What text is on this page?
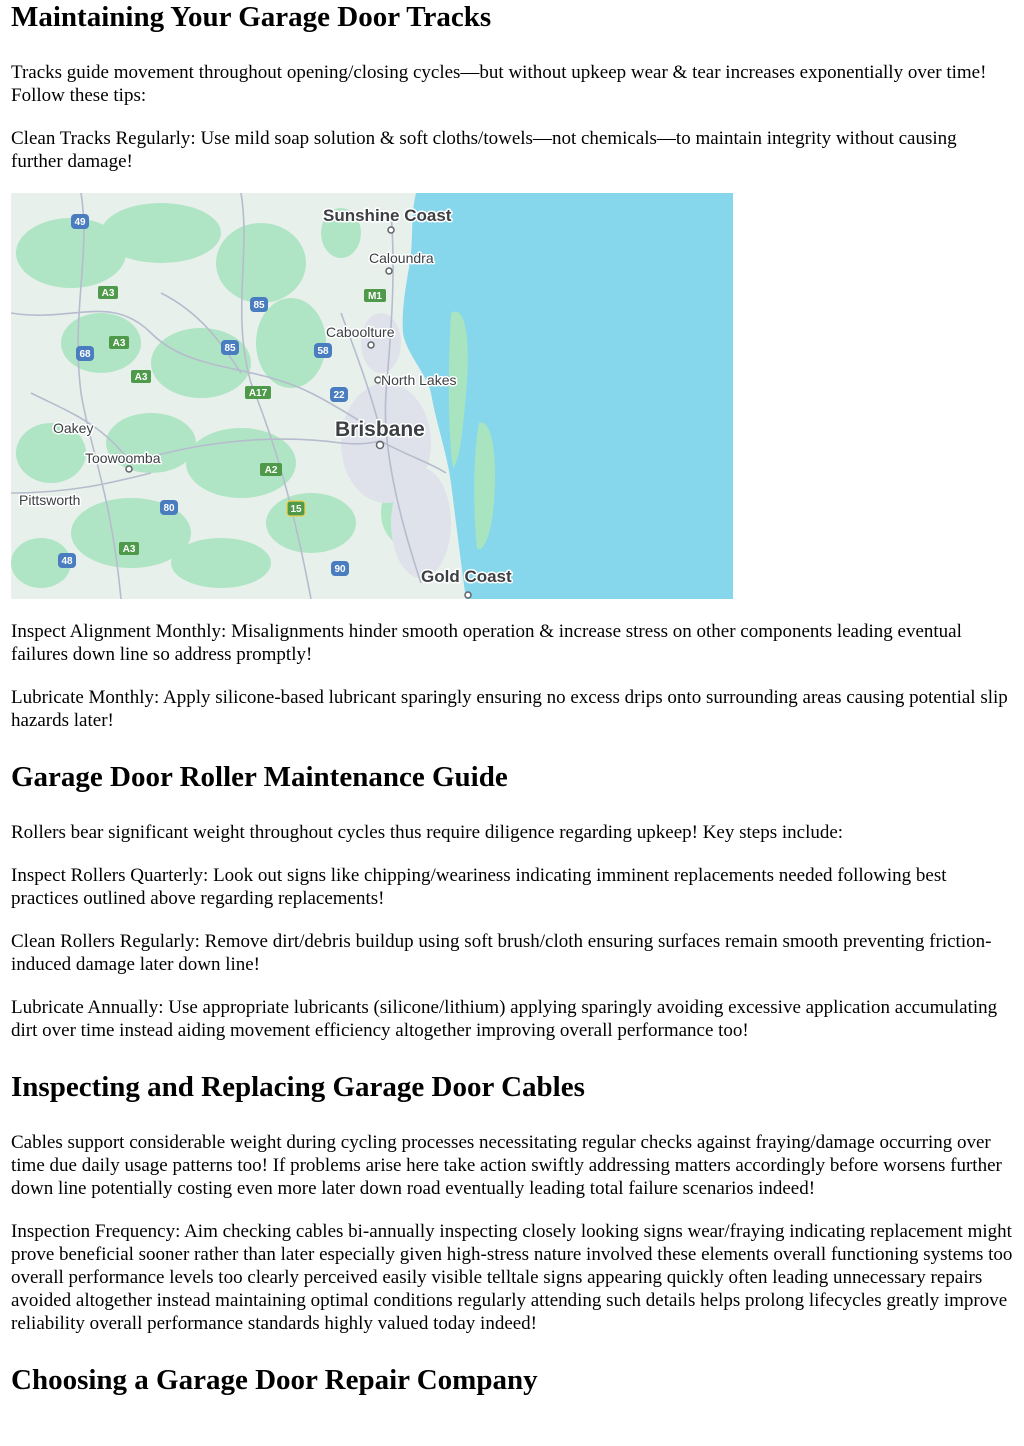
Maintaining Your Garage Door Tracks

Tracks guide movement throughout opening/closing cycles—but without upkeep wear & tear increases exponentially over time! Follow these tips:

Clean Tracks Regularly: Use mild soap solution & soft cloths/towels—not chemicals—to maintain integrity without causing further damage!

Sunshine Coast
Caloundra
Caboolture
North Lakes
Brisbane
Oakey
Toowoomba
Pittsworth
Gold Coast
49
85
85
68	58
22
80
48
90
A3
A3
A3
A3
M1
A17
A2
15

Inspect Alignment Monthly: Misalignments hinder smooth operation & increase stress on other components leading eventual failures down line so address promptly!

Lubricate Monthly: Apply silicone-based lubricant sparingly ensuring no excess drips onto surrounding areas causing potential slip hazards later!

Garage Door Roller Maintenance Guide

Rollers bear significant weight throughout cycles thus require diligence regarding upkeep! Key steps include:

Inspect Rollers Quarterly: Look out signs like chipping/weariness indicating imminent replacements needed following best practices outlined above regarding replacements!

Clean Rollers Regularly: Remove dirt/debris buildup using soft brush/cloth ensuring surfaces remain smooth preventing friction-induced damage later down line!

Lubricate Annually: Use appropriate lubricants (silicone/lithium) applying sparingly avoiding excessive application accumulating dirt over time instead aiding movement efficiency altogether improving overall performance too!

Inspecting and Replacing Garage Door Cables

Cables support considerable weight during cycling processes necessitating regular checks against fraying/damage occurring over time due daily usage patterns too! If problems arise here take action swiftly addressing matters accordingly before worsens further down line potentially costing even more later down road eventually leading total failure scenarios indeed!

Inspection Frequency: Aim checking cables bi-annually inspecting closely looking signs wear/fraying indicating replacement might prove beneficial sooner rather than later especially given high-stress nature involved these elements overall functioning systems too overall performance levels too clearly perceived easily visible telltale signs appearing quickly often leading unnecessary repairs avoided altogether instead maintaining optimal conditions regularly attending such details helps prolong lifecycles greatly improve reliability overall performance standards highly valued today indeed!

Choosing a Garage Door Repair Company
